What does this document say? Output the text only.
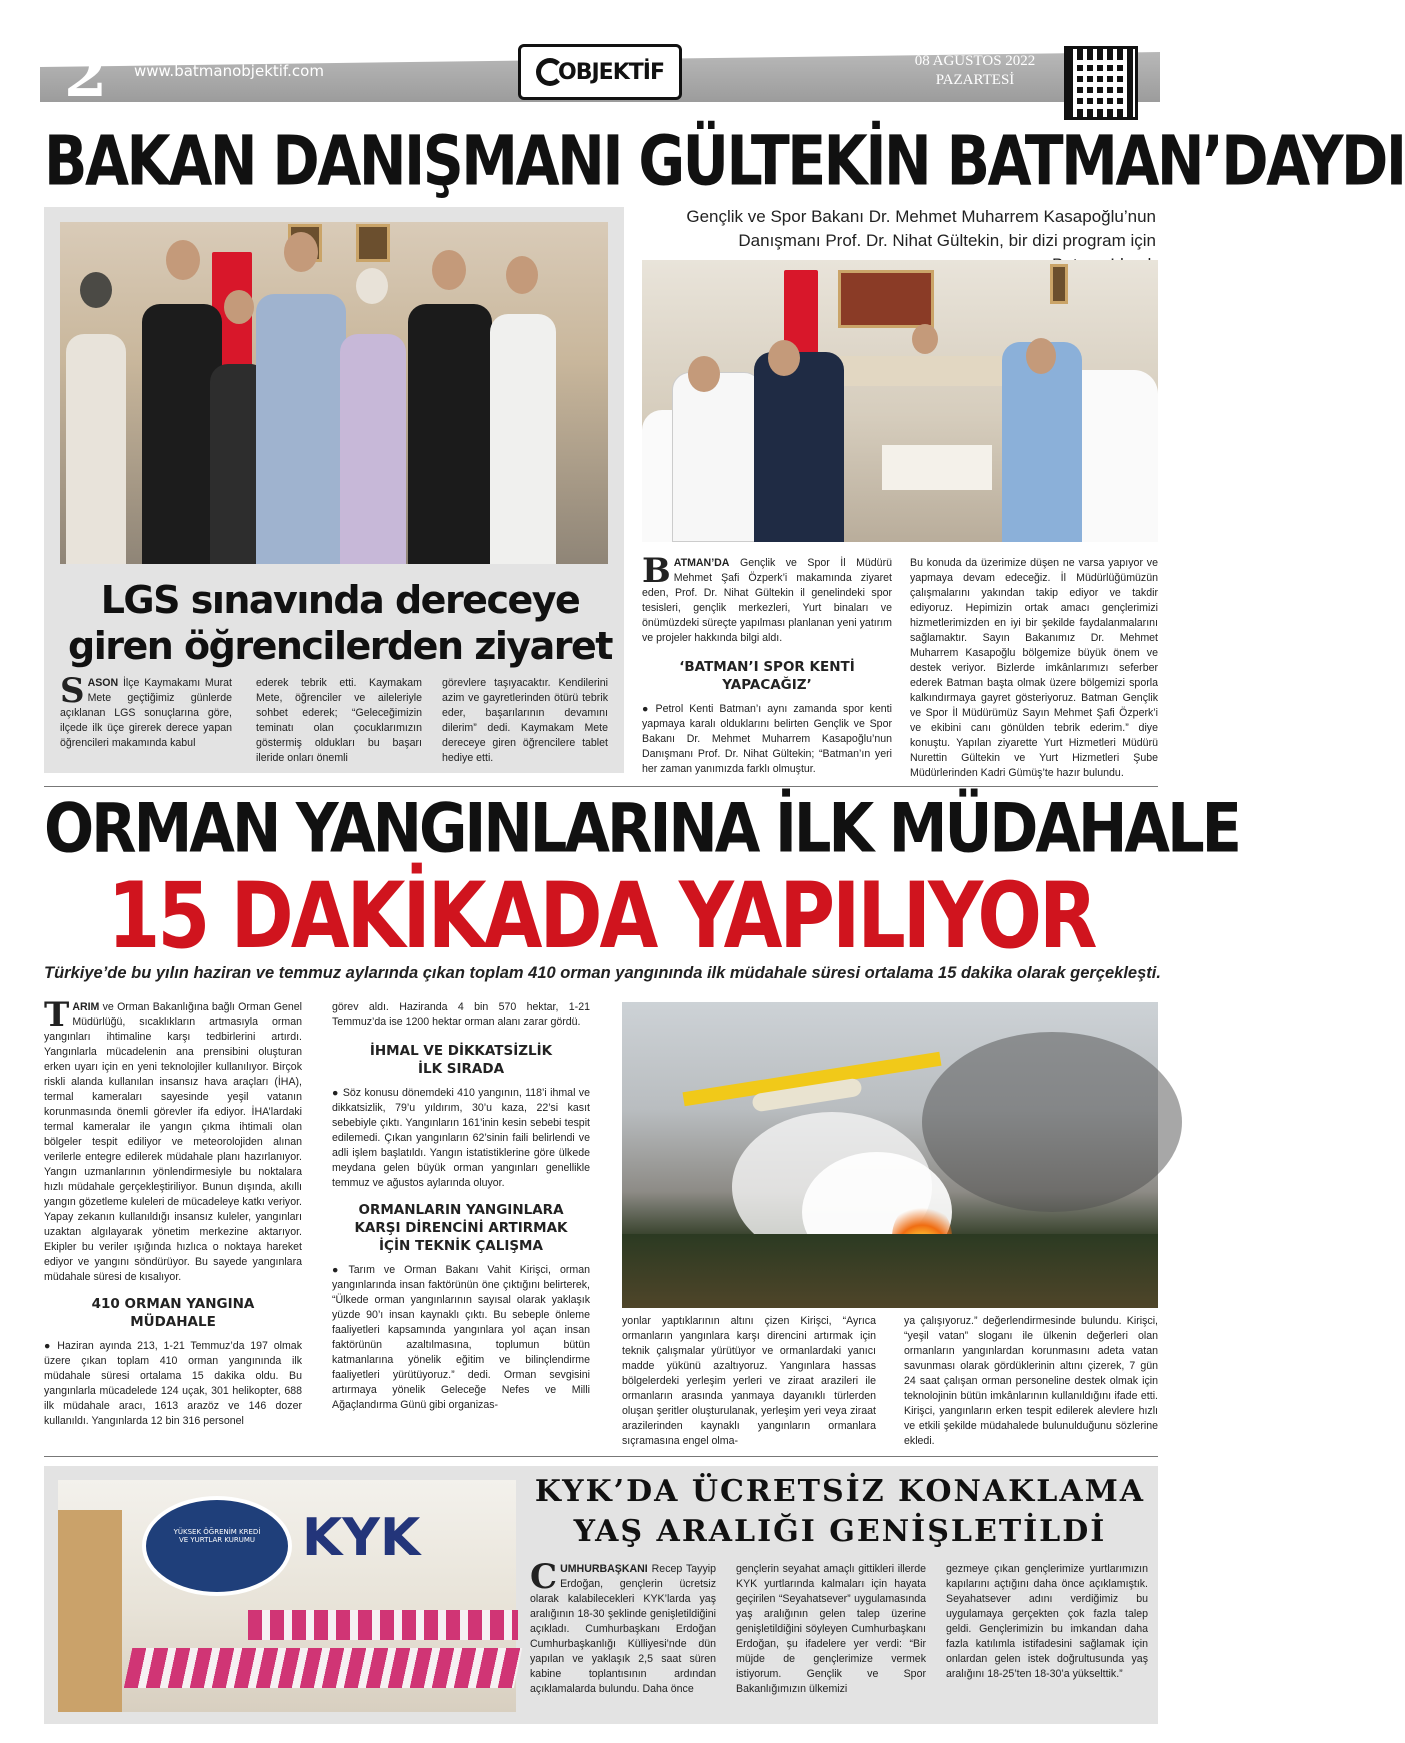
2 www.batmanobjektif.com	OBJEKTİF	08 AĞUSTOS 2022
PAZARTESİ
BAKAN DANIŞMANI GÜLTEKİN BATMAN’DAYDI
Gençlik ve Spor Bakanı Dr. Mehmet Muharrem Kasapoğlu’nun Danışmanı Prof. Dr. Nihat Gültekin, bir dizi program için
LGS sınavında dereceye giren öğrencilerden ziyaret
SASON İlçe Kaymakamı Murat Mete geçtiğimiz günlerde açıklanan LGS sonuçlarına göre, ilçede ilk üçe girerek derece yapan öğrencileri makamında kabul
ederek tebrik etti. Kaymakam Mete, öğrenciler ve aileleriyle sohbet ederek; “Geleceğimizin teminatı olan çocuklarımızın göstermiş oldukları bu başarı ileride onları önemli
görevlere taşıyacaktır. Kendilerini azim ve gayretlerinden ötürü tebrik eder, başarılarının devamını dilerim” dedi. Kaymakam Mete dereceye giren öğrencilere tablet hediye etti.
BATMAN’DA Gençlik ve Spor İl Müdürü Mehmet Şafi Özperk’i makamında ziyaret eden, Prof. Dr. Nihat Gültekin il genelindeki spor tesisleri, gençlik merkezleri, Yurt binaları ve önümüzdeki süreçte yapılması planlanan yeni yatırım ve projeler hakkında bilgi aldı.
‘BATMAN’I SPOR KENTİ YAPACAĞIZ’
● Petrol Kenti Batman’ı aynı zamanda spor kenti yapmaya karalı olduklarını belirten Gençlik ve Spor Bakanı Dr. Mehmet Muharrem Kasapoğlu’nun Danışmanı Prof. Dr. Nihat Gültekin; “Batman’ın yeri her zaman yanımızda farklı olmuştur.
Bu konuda da üzerimize düşen ne varsa yapıyor ve yapmaya devam edeceğiz. İl Müdürlüğümüzün çalışmalarını yakından takip ediyor ve takdir ediyoruz. Hepimizin ortak amacı gençlerimizi hizmetlerimizden en iyi bir şekilde faydalanmalarını sağlamaktır. Sayın Bakanımız Dr. Mehmet Muharrem Kasapoğlu bölgemize büyük önem ve destek veriyor. Bizlerde imkânlarımızı seferber ederek Batman başta olmak üzere bölgemizi sporla kalkındırmaya gayret gösteriyoruz. Batman Gençlik ve Spor İl Müdürümüz Sayın Mehmet Şafi Özperk’i ve ekibini canı gönülden tebrik ederim.” diye konuştu. Yapılan ziyarette Yurt Hizmetleri Müdürü Nurettin Gültekin ve Yurt Hizmetleri Şube Müdürlerinden Kadri Gümüş’te hazır bulundu.
ORMAN YANGINLARINA İLK MÜDAHALE
15 DAKİKADA YAPILIYOR
Türkiye’de bu yılın haziran ve temmuz aylarında çıkan toplam 410 orman yangınında ilk müdahale süresi ortalama 15 dakika olarak gerçekleşti.
TARIM ve Orman Bakanlığına bağlı Orman Genel Müdürlüğü, sıcaklıkların artmasıyla orman yangınları ihtimaline karşı tedbirlerini artırdı. Yangınlarla mücadelenin ana prensibini oluşturan erken uyarı için en yeni teknolojiler kullanılıyor. Birçok riskli alanda kullanılan insansız hava araçları (İHA), termal kameraları sayesinde yeşil vatanın korunmasında önemli görevler ifa ediyor. İHA’lardaki termal kameralar ile yangın çıkma ihtimali olan bölgeler tespit ediliyor ve meteorolojiden alınan verilerle entegre edilerek müdahale planı hazırlanıyor. Yangın uzmanlarının yönlendirmesiyle bu noktalara hızlı müdahale gerçekleştiriliyor. Bunun dışında, akıllı yangın gözetleme kuleleri de mücadeleye katkı veriyor. Yapay zekanın kullanıldığı insansız kuleler, yangınları uzaktan algılayarak yönetim merkezine aktarıyor. Ekipler bu veriler ışığında hızlıca o noktaya hareket ediyor ve yangını söndürüyor. Bu sayede yangınlara müdahale süresi de kısalıyor.
410 ORMAN YANGINA MÜDAHALE
● Haziran ayında 213, 1-21 Temmuz’da 197 olmak üzere çıkan toplam 410 orman yangınında ilk müdahale süresi ortalama 15 dakika oldu. Bu yangınlarla mücadelede 124 uçak, 301 helikopter, 688 ilk müdahale aracı, 1613 arazöz ve 146 dozer kullanıldı. Yangınlarda 12 bin 316 personel
görev aldı. Haziranda 4 bin 570 hektar, 1-21 Temmuz’da ise 1200 hektar orman alanı zarar gördü.
İHMAL VE DİKKATSİZLİK İLK SIRADA
● Söz konusu dönemdeki 410 yangının, 118’i ihmal ve dikkatsizlik, 79’u yıldırım, 30’u kaza, 22’si kasıt sebebiyle çıktı. Yangınların 161’inin kesin sebebi tespit edilemedi. Çıkan yangınların 62’sinin faili belirlendi ve adli işlem başlatıldı. Yangın istatistiklerine göre ülkede meydana gelen büyük orman yangınları genellikle temmuz ve ağustos aylarında oluyor.
ORMANLARIN YANGINLARA KARŞI DİRENCİNİ ARTIRMAK İÇİN TEKNİK ÇALIŞMA
● Tarım ve Orman Bakanı Vahit Kirişci, orman yangınlarında insan faktörünün öne çıktığını belirterek, “Ülkede orman yangınlarının sayısal olarak yaklaşık yüzde 90’ı insan kaynaklı çıktı. Bu sebeple önleme faaliyetleri kapsamında yangınlara yol açan insan faktörünün azaltılmasına, toplumun bütün katmanlarına yönelik eğitim ve bilinçlendirme faaliyetleri yürütüyoruz.” dedi. Orman sevgisini artırmaya yönelik Geleceğe Nefes ve Milli Ağaçlandırma Günü gibi organizas-
yonlar yaptıklarının altını çizen Kirişci, “Ayrıca ormanların yangınlara karşı direncini artırmak için teknik çalışmalar yürütüyor ve ormanlardaki yanıcı madde yükünü azaltıyoruz. Yangınlara hassas bölgelerdeki yerleşim yerleri ve ziraat arazileri ile ormanların arasında yanmaya dayanıklı türlerden oluşan şeritler oluşturulanak, yerleşim yeri veya ziraat arazilerinden kaynaklı yangınların ormanlara sıçramasına engel olma-
ya çalışıyoruz.” değerlendirmesinde bulundu. Kirişci, “yeşil vatan” sloganı ile ülkenin değerleri olan ormanların yangınlardan korunmasını adeta vatan savunması olarak gördüklerinin altını çizerek, 7 gün 24 saat çalışan orman personeline destek olmak için teknolojinin bütün imkânlarının kullanıldığını ifade etti. Kirişci, yangınların erken tespit edilerek alevlere hızlı ve etkili şekilde müdahalede bulunulduğunu sözlerine ekledi.
YÜKSEK ÖĞRENİM KREDİ VE YURTLAR KURUMU KYK
KYK’DA ÜCRETSİZ KONAKLAMA
YAŞ ARALIĞI GENİŞLETİLDİ
CUMHURBAŞKANI Recep Tayyip Erdoğan, gençlerin ücretsiz olarak kalabilecekleri KYK’larda yaş aralığının 18-30 şeklinde genişletildiğini açıkladı. Cumhurbaşkanı Erdoğan Cumhurbaşkanlığı Külliyesi’nde dün yapılan ve yaklaşık 2,5 saat süren kabine toplantısının ardından açıklamalarda bulundu. Daha önce
gençlerin seyahat amaçlı gittikleri illerde KYK yurtlarında kalmaları için hayata geçirilen “Seyahatsever” uygulamasında yaş aralığının gelen talep üzerine genişletildiğini söyleyen Cumhurbaşkanı Erdoğan, şu ifadelere yer verdi: “Bir müjde de gençlerimize vermek istiyorum. Gençlik ve Spor Bakanlığımızın ülkemizi
gezmeye çıkan gençlerimize yurtlarımızın kapılarını açtığını daha önce açıklamıştık. Seyahatsever adını verdiğimiz bu uygulamaya gerçekten çok fazla talep geldi. Gençlerimizin bu imkandan daha fazla katılımla istifadesini sağlamak için onlardan gelen istek doğrultusunda yaş aralığını 18-25’ten 18-30’a yükselttik.”
